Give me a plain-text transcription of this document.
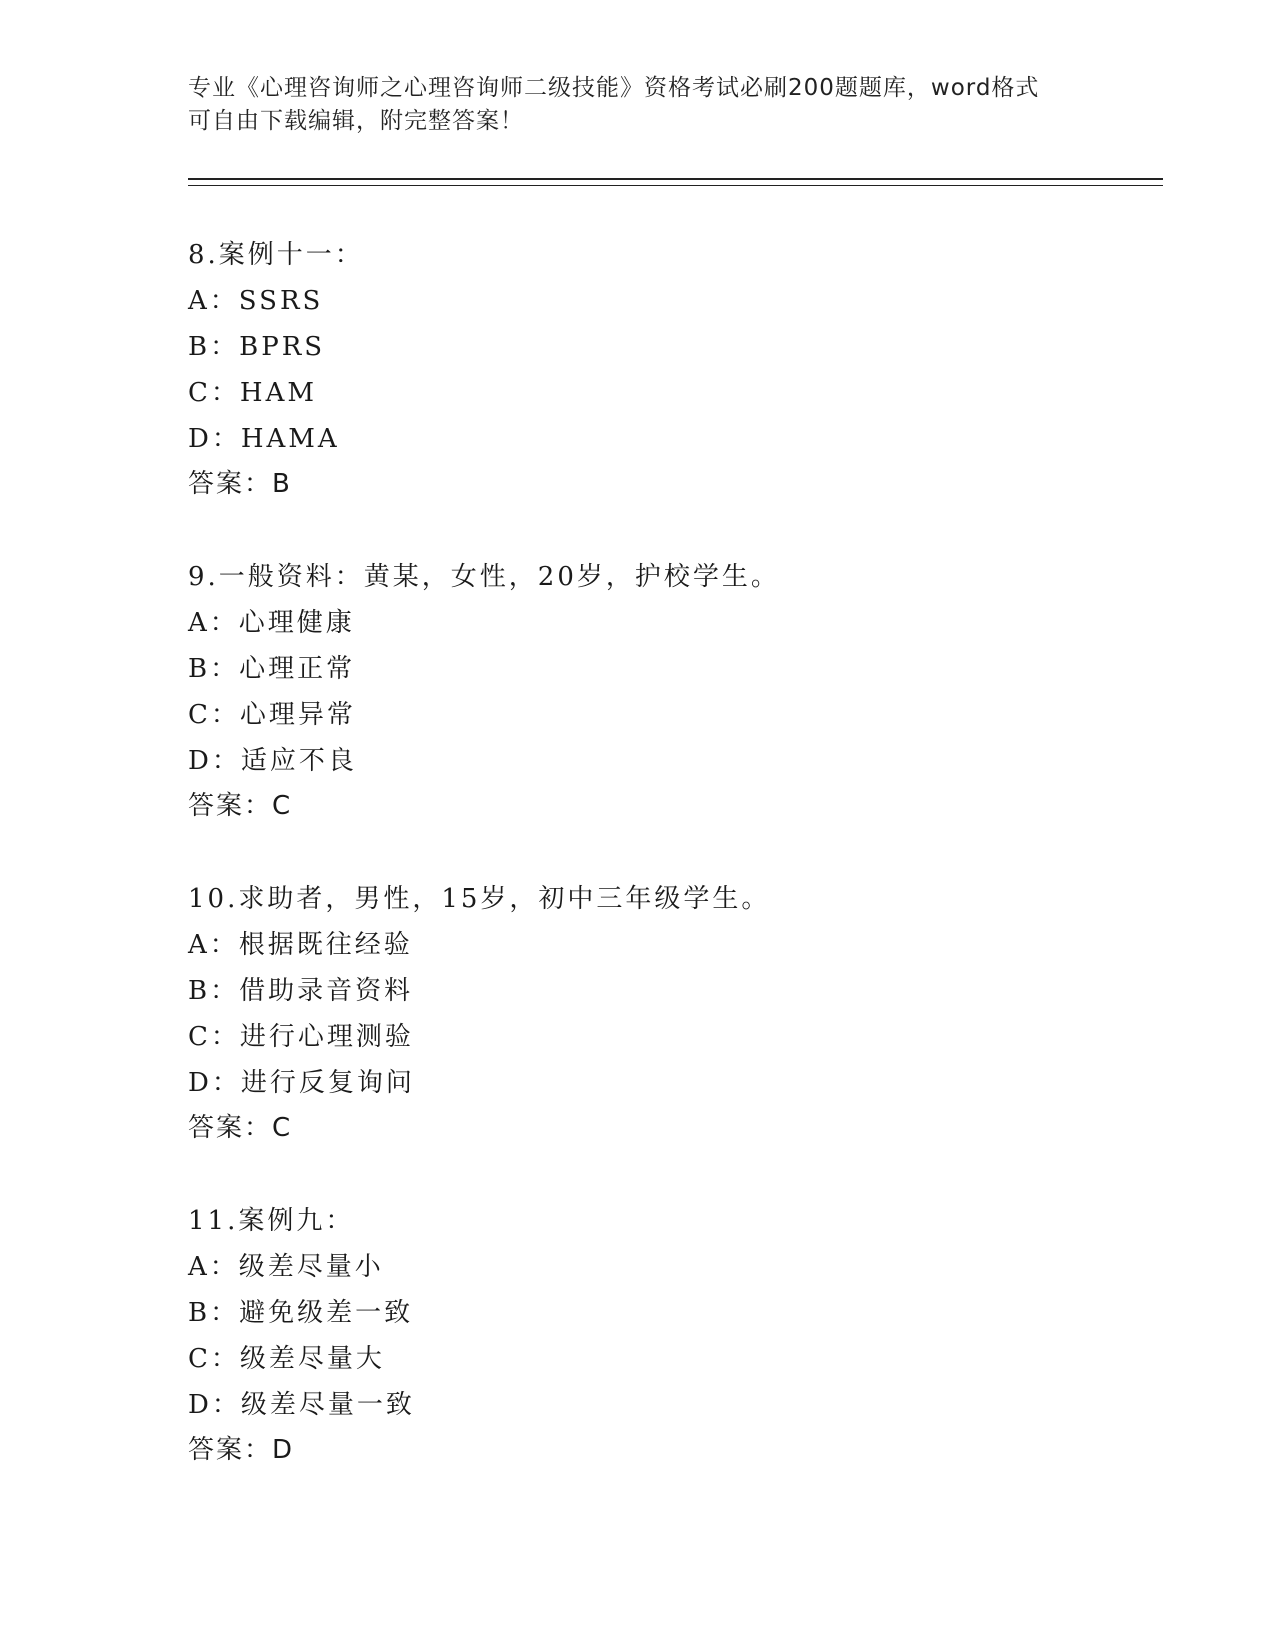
专业《心理咨询师之心理咨询师二级技能》资格考试必刷200题题库，word格式
可自由下载编辑，附完整答案！
8.案例十一：
A：SSRS
B：BPRS
C：HAM
D：HAMA
答案：B
9.一般资料：黄某，女性，20岁，护校学生。
A：心理健康
B：心理正常
C：心理异常
D：适应不良
答案：C
10.求助者，男性，15岁，初中三年级学生。
A：根据既往经验
B：借助录音资料
C：进行心理测验
D：进行反复询问
答案：C
11.案例九：
A：级差尽量小
B：避免级差一致
C：级差尽量大
D：级差尽量一致
答案：D
